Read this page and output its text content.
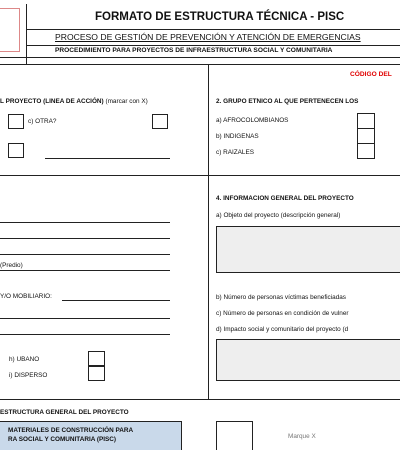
FORMATO DE ESTRUCTURA TÉCNICA - PISC
PROCESO DE GESTIÓN DE PREVENCIÓN Y ATENCIÓN DE EMERGENCIAS
PROCEDIMIENTO PARA PROYECTOS DE INFRAESTRUCTURA SOCIAL Y COMUNITARIA
CÓDIGO DEL
L PROYECTO (LINEA DE ACCIÓN) (marcar con X)
c) OTRA?
2. GRUPO ETNICO AL QUE PERTENECEN LOS
a) AFROCOLOMBIANOS
b) INDIGENAS
c) RAIZALES
(Predio)
Y/O MOBILIARIO:
h) UBANO
i) DISPERSO
4. INFORMACION GENERAL DEL PROYECTO
a) Objeto del proyecto (descripción general)
b) Número de personas víctimas beneficiadas
c) Número de personas en condición de vulner
d) Impacto social y comunitario del proyecto (d
ESTRUCTURA GENERAL DEL PROYECTO
MATERIALES DE CONSTRUCCIÓN PARA
RA SOCIAL Y COMUNITARIA (PISC)	Marque X
